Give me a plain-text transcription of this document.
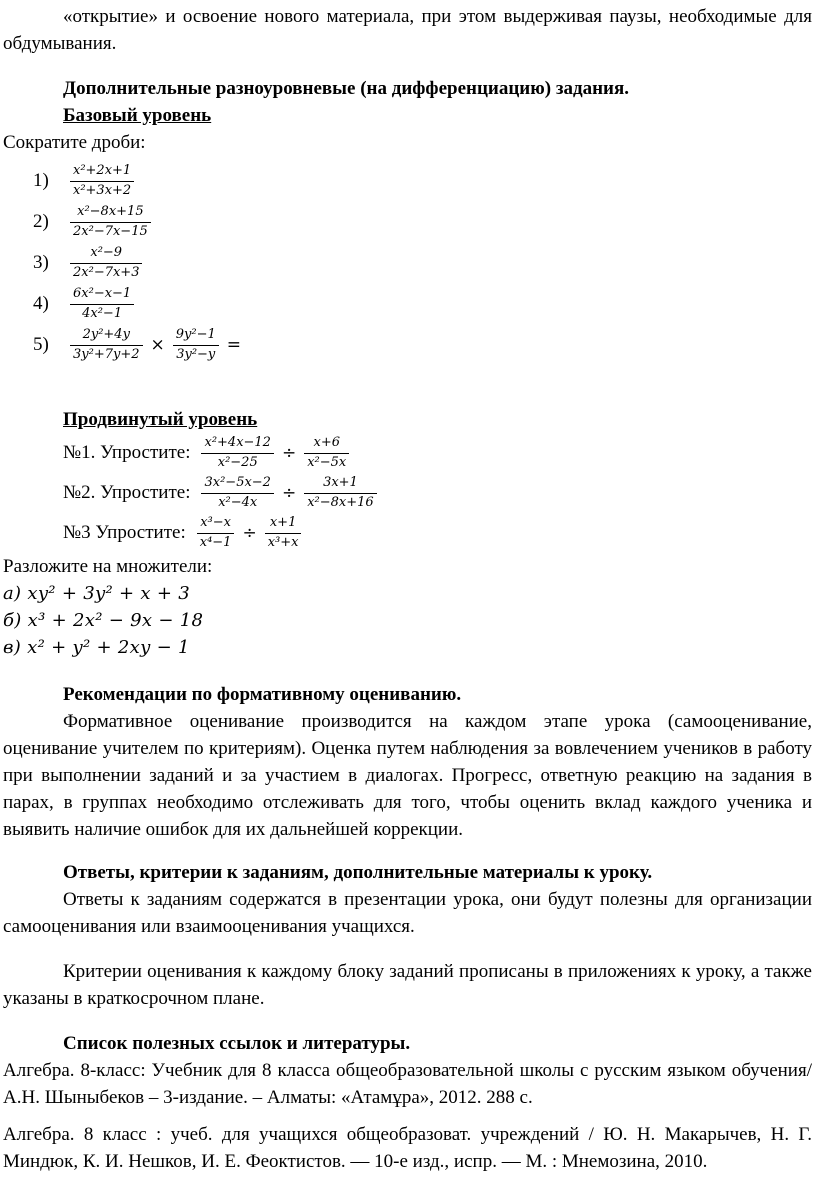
«открытие» и освоение нового материала, при этом выдерживая паузы, необходимые для обдумывания.

Дополнительные разноуровневые (на дифференциацию) задания.

Базовый уровень

Сократите дроби:

1)	$\frac{\text{x²+2x+1}}{\text{x²+3x+2}}$
2)	$\frac{\text{x²−8x+15}}{\text{2x²−7x−15}}$
3)	$\frac{\text{x²−9}}{\text{2x²−7x+3}}$
4)	$\frac{\text{6x²−x−1}}{\text{4x²−1}}$
5)	$\frac{\text{2y²+4y}}{\text{3y²+7y+2}} \times \frac{\text{9y²−1}}{\text{3y²−y}}$ =

Продвинутый уровень

№1. Упростите: $\frac{\text{x²+4x−12}}{\text{x²−25}} \div \frac{x+6}{\text{x²−5x}}$
№2. Упростите: $\frac{\text{3x²−5x−2}}{\text{x²−4x}} \div \frac{3x+1}{\text{x²−8x+16}}$
№3 Упростите: $\frac{\text{x³−x}}{\text{x⁴−1}} \div \frac{x+1}{\text{x³+x}}$

Разложите на множители:

а) xy² + 3y² + x + 3

б) x³ + 2x² − 9x − 18

в) x² + y² + 2xy − 1

Рекомендации по формативному оцениванию.

Формативное оценивание производится на каждом этапе урока (самооценивание, оценивание учителем по критериям). Оценка путем наблюдения за вовлечением учеников в работу при выполнении заданий и за участием в диалогах. Прогресс, ответную реакцию на задания в парах, в группах необходимо отслеживать для того, чтобы оценить вклад каждого ученика и выявить наличие ошибок для их дальнейшей коррекции.

Ответы, критерии к заданиям, дополнительные материалы к уроку.

Ответы к заданиям содержатся в презентации урока, они будут полезны для организации самооценивания или взаимооценивания учащихся.

Критерии оценивания к каждому блоку заданий прописаны в приложениях к уроку, а также указаны в краткосрочном плане.

Список полезных ссылок и литературы.

Алгебра. 8-класс: Учебник для 8 класса общеобразовательной школы с русским языком обучения/ А.Н. Шыныбеков – 3-издание. – Алматы: «Атамұра», 2012. 288 с.

Алгебра. 8 класс : учеб. для учащихся общеобразоват. учреждений / Ю. Н. Макарычев, Н. Г. Миндюк, К. И. Нешков, И. Е. Феоктистов. — 10-е изд., испр. — М. : Мнемозина, 2010.
